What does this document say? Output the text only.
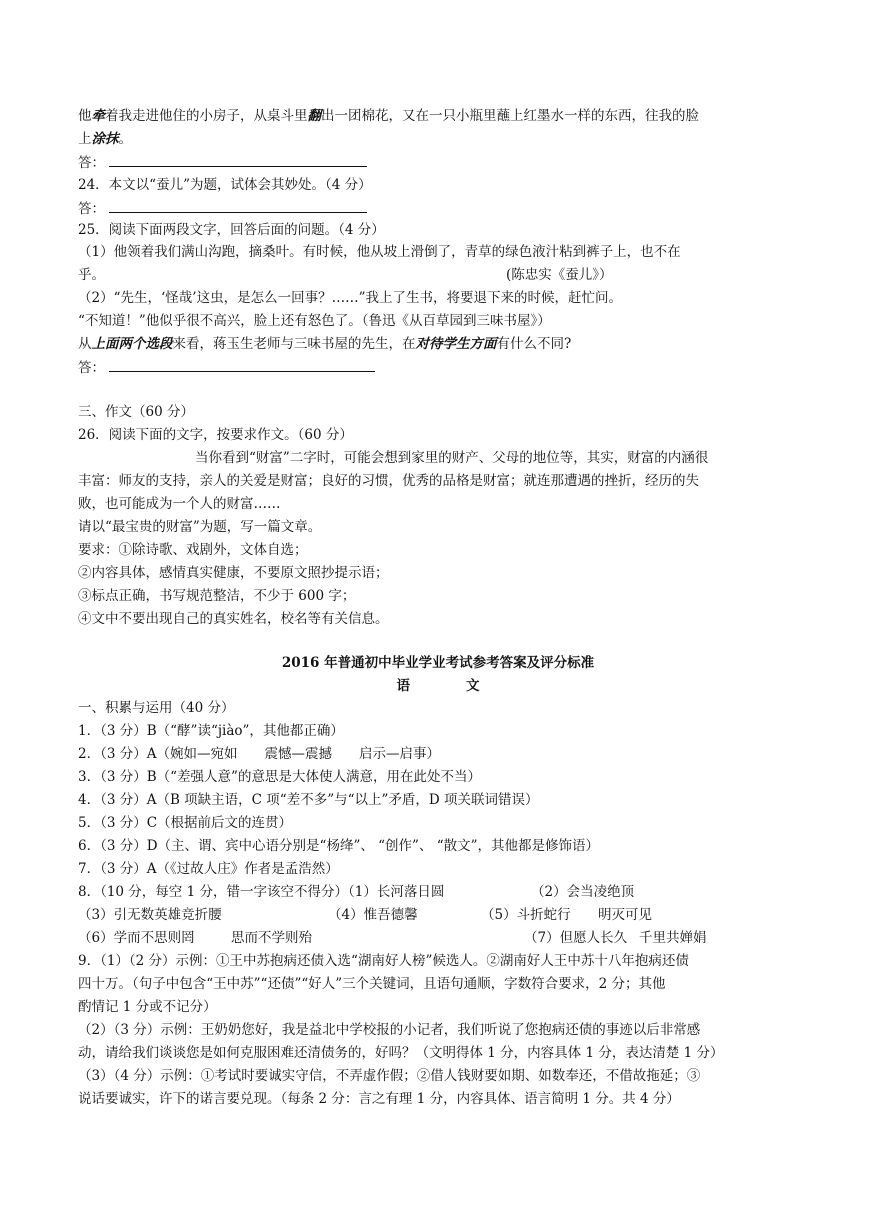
他牵着我走进他住的小房子，从桌斗里翻出一团棉花，又在一只小瓶里蘸上红墨水一样的东西，往我的脸
上涂抹。
答：
24．本文以“蚕儿”为题，试体会其妙处。（4 分）
答：
25．阅读下面两段文字，回答后面的问题。（4 分）
（1）他领着我们满山沟跑，摘桑叶。有时候，他从坡上滑倒了，青草的绿色液汁粘到裤子上，也不在
乎。	(陈忠实《蚕儿》）
（2）“先生，‘怪哉’这虫，是怎么一回事？……”我上了生书，将要退下来的时候，赶忙问。
“不知道！”他似乎很不高兴，脸上还有怒色了。（鲁迅《从百草园到三味书屋》）
从上面两个选段来看，蒋玉生老师与三味书屋的先生，在对待学生方面有什么不同?
答：
三、作文（60 分）
26．阅读下面的文字，按要求作文。（60 分）
当你看到“财富”二字时，可能会想到家里的财产、父母的地位等，其实，财富的内涵很
丰富：师友的支持，亲人的关爱是财富；良好的习惯，优秀的品格是财富；就连那遭遇的挫折，经历的失
败，也可能成为一个人的财富……
请以“最宝贵的财富”为题，写一篇文章。
要求：①除诗歌、戏剧外，文体自选；
②内容具体，感情真实健康，不要原文照抄提示语；
③标点正确，书写规范整洁，不少于 600 字；
④文中不要出现自己的真实姓名，校名等有关信息。
2016 年普通初中毕业学业考试参考答案及评分标准
语	文
一、积累与运用（40 分）
1．（3 分）B（“酵”读“jiào”，其他都正确）
2．（3 分）A（婉如—宛如　　震憾—震撼　　启示—启事）
3．（3 分）B（“差强人意”的意思是大体使人满意，用在此处不当）
4．（3 分）A（B 项缺主语，C 项“差不多”与“以上”矛盾，D 项关联词错误）
5．（3 分）C（根据前后文的连贯）
6．（3 分）D（主、谓、宾中心语分别是“杨绛”、 “创作”、 “散文”，其他都是修饰语）
7．（3 分）A（《过故人庄》作者是孟浩然）
8．（10 分，每空 1 分，错一字该空不得分）（1）长河落日圆	（2）会当凌绝顶
（3）引无数英雄竞折腰	（4）惟吾德馨	（5）斗折蛇行 明灭可见
（6）学而不思则罔	思而不学则殆	（7）但愿人长久 千里共婵娟
9．（1）（2 分）示例：①王中苏抱病还债入选“湖南好人榜”候选人。②湖南好人王中苏十八年抱病还债
四十万。（句子中包含“王中苏”“还债”“好人”三个关键词，且语句通顺，字数符合要求，2 分；其他
酌情记 1 分或不记分）
（2）（3 分）示例：王奶奶您好，我是益北中学校报的小记者，我们听说了您抱病还债的事迹以后非常感
动，请给我们谈谈您是如何克服困难还清债务的，好吗？（文明得体 1 分，内容具体 1 分，表达清楚 1 分）
（3）（4 分）示例：①考试时要诚实守信，不弄虚作假；②借人钱财要如期、如数奉还，不借故拖延；③
说话要诚实，许下的诺言要兑现。（每条 2 分：言之有理 1 分，内容具体、语言简明 1 分。共 4 分）
